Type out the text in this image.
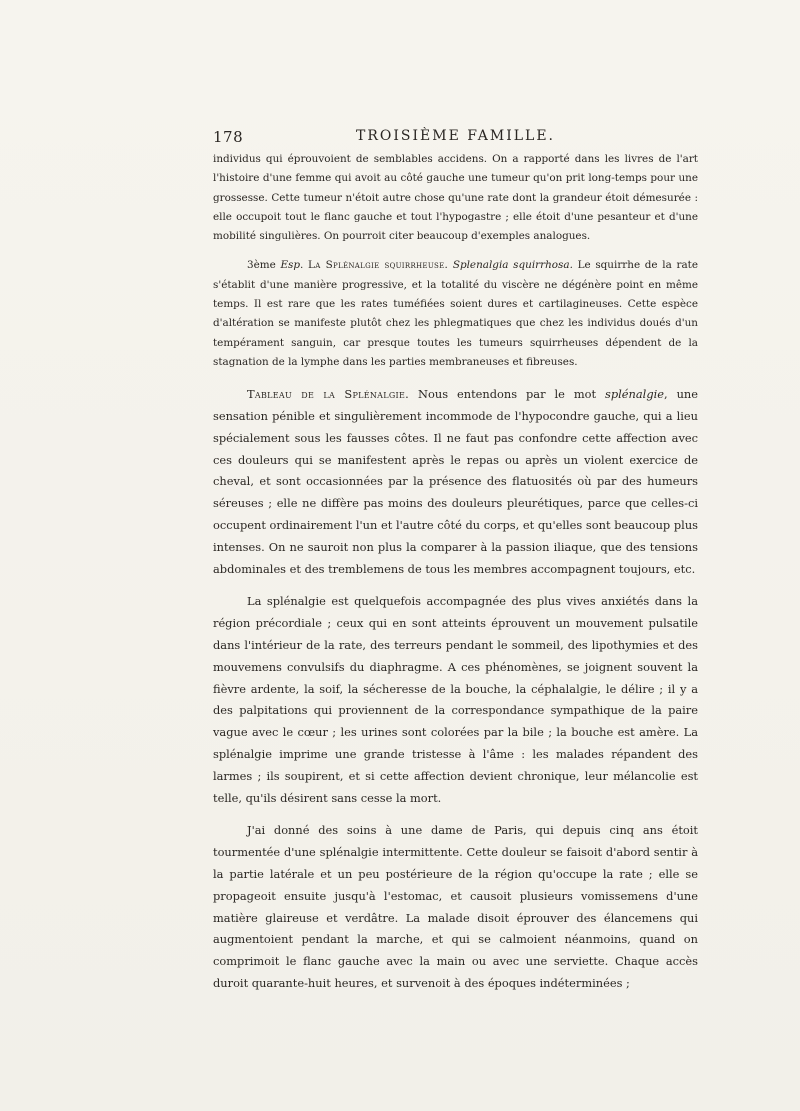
178	TROISIÈME FAMILLE.

individus qui éprouvoient de semblables accidens. On a rapporté dans les livres de l'art l'histoire d'une femme qui avoit au côté gauche une tumeur qu'on prit long-temps pour une grossesse. Cette tumeur n'étoit autre chose qu'une rate dont la grandeur étoit démesurée : elle occupoit tout le flanc gauche et tout l'hypogastre ; elle étoit d'une pesanteur et d'une mobilité singulières. On pourroit citer beaucoup d'exemples analogues.

3ème Esp. La Splénalgie squirrheuse. Splenalgia squirrhosa. Le squirrhe de la rate s'établit d'une manière progressive, et la totalité du viscère ne dégénère point en même temps. Il est rare que les rates tuméfiées soient dures et cartilagineuses. Cette espèce d'altération se manifeste plutôt chez les phlegmatiques que chez les individus doués d'un tempérament sanguin, car presque toutes les tumeurs squirrheuses dépendent de la stagnation de la lymphe dans les parties membraneuses et fibreuses.

Tableau de la Splénalgie. Nous entendons par le mot splénalgie, une sensation pénible et singulièrement incommode de l'hypocondre gauche, qui a lieu spécialement sous les fausses côtes. Il ne faut pas confondre cette affection avec ces douleurs qui se manifestent après le repas ou après un violent exercice de cheval, et sont occasionnées par la présence des flatuosités où par des humeurs séreuses ; elle ne diffère pas moins des douleurs pleurétiques, parce que celles-ci occupent ordinairement l'un et l'autre côté du corps, et qu'elles sont beaucoup plus intenses. On ne sauroit non plus la comparer à la passion iliaque, que des tensions abdominales et des tremblemens de tous les membres accompagnent toujours, etc.

La splénalgie est quelquefois accompagnée des plus vives anxiétés dans la région précordiale ; ceux qui en sont atteints éprouvent un mouvement pulsatile dans l'intérieur de la rate, des terreurs pendant le sommeil, des lipothymies et des mouvemens convulsifs du diaphragme. A ces phénomènes, se joignent souvent la fièvre ardente, la soif, la sécheresse de la bouche, la céphalalgie, le délire ; il y a des palpitations qui proviennent de la correspondance sympathique de la paire vague avec le cœur ; les urines sont colorées par la bile ; la bouche est amère. La splénalgie imprime une grande tristesse à l'âme : les malades répandent des larmes ; ils soupirent, et si cette affection devient chronique, leur mélancolie est telle, qu'ils désirent sans cesse la mort.

J'ai donné des soins à une dame de Paris, qui depuis cinq ans étoit tourmentée d'une splénalgie intermittente. Cette douleur se faisoit d'abord sentir à la partie latérale et un peu postérieure de la région qu'occupe la rate ; elle se propageoit ensuite jusqu'à l'estomac, et causoit plusieurs vomissemens d'une matière glaireuse et verdâtre. La malade disoit éprouver des élancemens qui augmentoient pendant la marche, et qui se calmoient néanmoins, quand on comprimoit le flanc gauche avec la main ou avec une serviette. Chaque accès duroit quarante-huit heures, et survenoit à des époques indéterminées ;
